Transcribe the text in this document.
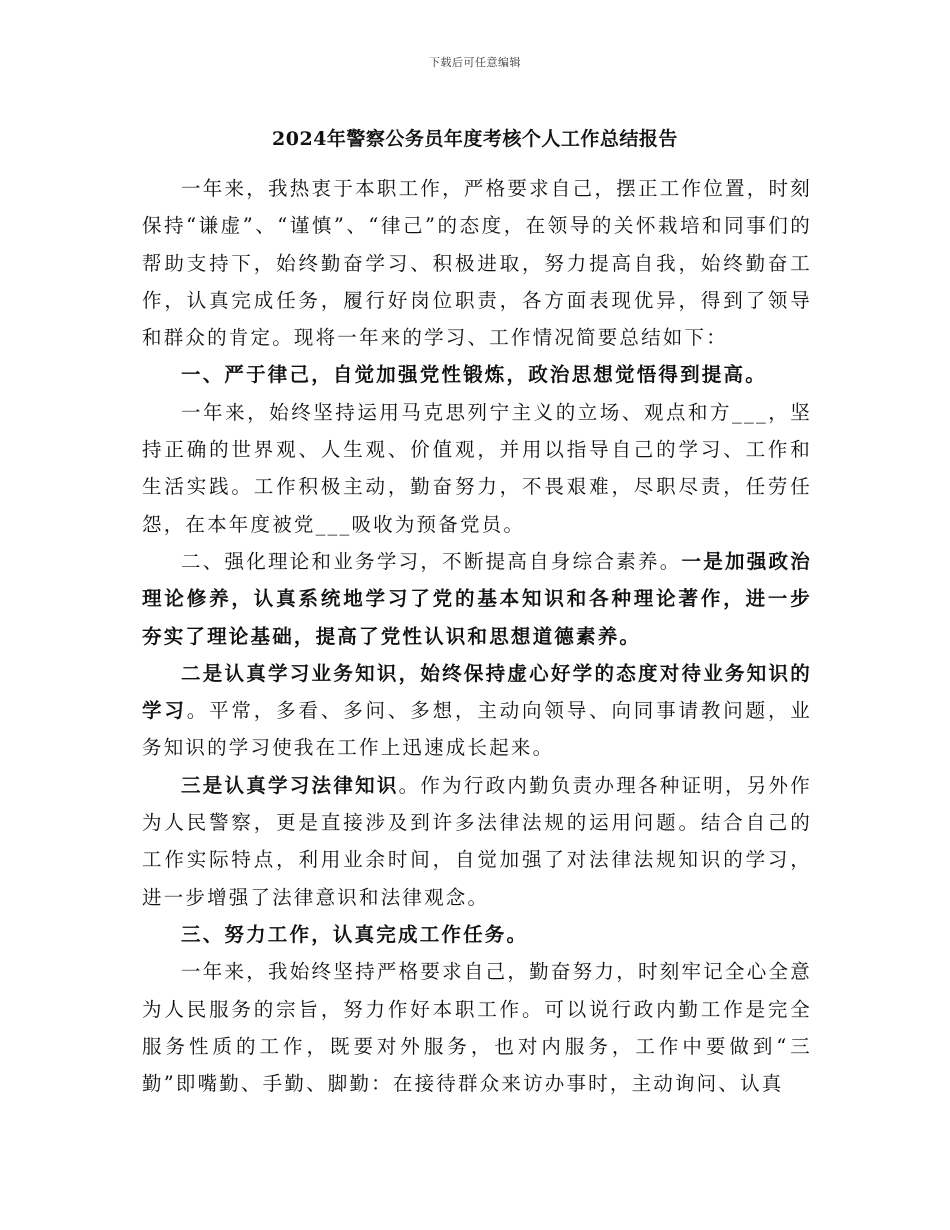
下载后可任意编辑
2024年警察公务员年度考核个人工作总结报告

一年来，我热衷于本职工作，严格要求自己，摆正工作位置，时刻保持“谦虚”、“谨慎”、“律己”的态度，在领导的关怀栽培和同事们的帮助支持下，始终勤奋学习、积极进取，努力提高自我，始终勤奋工作，认真完成任务，履行好岗位职责，各方面表现优异，得到了领导和群众的肯定。现将一年来的学习、工作情况简要总结如下：

一、严于律己，自觉加强党性锻炼，政治思想觉悟得到提高。

一年来，始终坚持运用马克思列宁主义的立场、观点和方___，坚持正确的世界观、人生观、价值观，并用以指导自己的学习、工作和生活实践。工作积极主动，勤奋努力，不畏艰难，尽职尽责，任劳任怨，在本年度被党___吸收为预备党员。

二、强化理论和业务学习，不断提高自身综合素养。一是加强政治理论修养，认真系统地学习了党的基本知识和各种理论著作，进一步夯实了理论基础，提高了党性认识和思想道德素养。

二是认真学习业务知识，始终保持虚心好学的态度对待业务知识的学习。平常，多看、多问、多想，主动向领导、向同事请教问题，业务知识的学习使我在工作上迅速成长起来。

三是认真学习法律知识。作为行政内勤负责办理各种证明，另外作为人民警察，更是直接涉及到许多法律法规的运用问题。结合自己的工作实际特点，利用业余时间，自觉加强了对法律法规知识的学习，进一步增强了法律意识和法律观念。

三、努力工作，认真完成工作任务。

一年来，我始终坚持严格要求自己，勤奋努力，时刻牢记全心全意为人民服务的宗旨，努力作好本职工作。可以说行政内勤工作是完全服务性质的工作，既要对外服务，也对内服务，工作中要做到“三勤”即嘴勤、手勤、脚勤：在接待群众来访办事时，主动询问、认真
